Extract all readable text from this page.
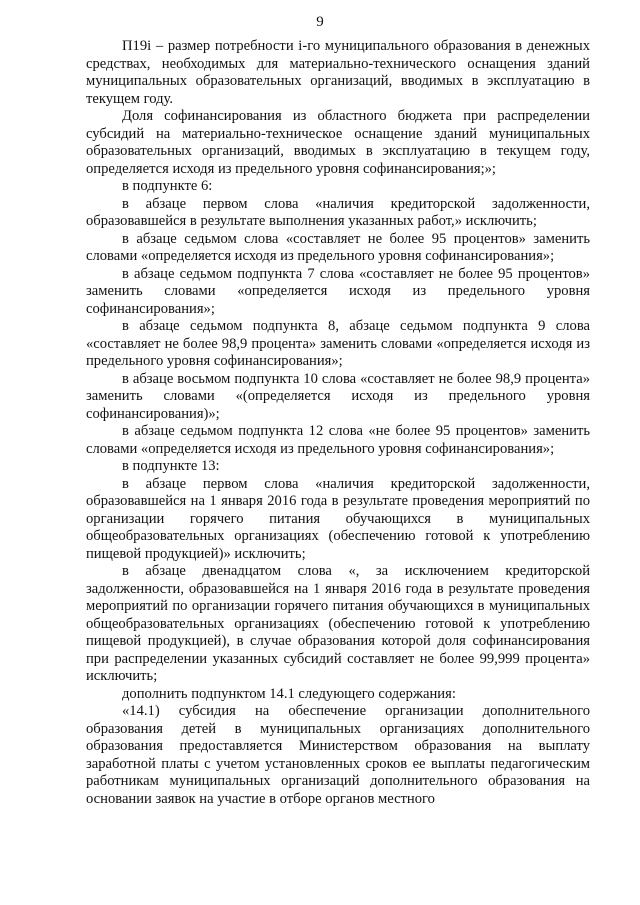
9

П19i – размер потребности i-го муниципального образования в денежных средствах, необходимых для материально-технического оснащения зданий муниципальных образовательных организаций, вводимых в эксплуатацию в текущем году.

Доля софинансирования из областного бюджета при распределении субсидий на материально-техническое оснащение зданий муниципальных образовательных организаций, вводимых в эксплуатацию в текущем году, определяется исходя из предельного уровня софинансирования;»;

в подпункте 6:

в абзаце первом слова «наличия кредиторской задолженности, образовавшейся в результате выполнения указанных работ,» исключить;

в абзаце седьмом слова «составляет не более 95 процентов» заменить словами «определяется исходя из предельного уровня софинансирования»;

в абзаце седьмом подпункта 7 слова «составляет не более 95 процентов» заменить словами «определяется исходя из предельного уровня софинансирования»;

в абзаце седьмом подпункта 8, абзаце седьмом подпункта 9 слова «составляет не более 98,9 процента» заменить словами «определяется исходя из предельного уровня софинансирования»;

в абзаце восьмом подпункта 10 слова «составляет не более 98,9 процента» заменить словами «(определяется исходя из предельного уровня софинансирования)»;

в абзаце седьмом подпункта 12 слова «не более 95 процентов» заменить словами «определяется исходя из предельного уровня софинансирования»;

в подпункте 13:

в абзаце первом слова «наличия кредиторской задолженности, образовавшейся на 1 января 2016 года в результате проведения мероприятий по организации горячего питания обучающихся в муниципальных общеобразовательных организациях (обеспечению готовой к употреблению пищевой продукцией)» исключить;

в абзаце двенадцатом слова «, за исключением кредиторской задолженности, образовавшейся на 1 января 2016 года в результате проведения мероприятий по организации горячего питания обучающихся в муниципальных общеобразовательных организациях (обеспечению готовой к употреблению пищевой продукцией), в случае образования которой доля софинансирования при распределении указанных субсидий составляет не более 99,999 процента» исключить;

дополнить подпунктом 14.1 следующего содержания:

«14.1) субсидия на обеспечение организации дополнительного образования детей в муниципальных организациях дополнительного образования предоставляется Министерством образования на выплату заработной платы с учетом установленных сроков ее выплаты педагогическим работникам муниципальных организаций дополнительного образования на основании заявок на участие в отборе органов местного
